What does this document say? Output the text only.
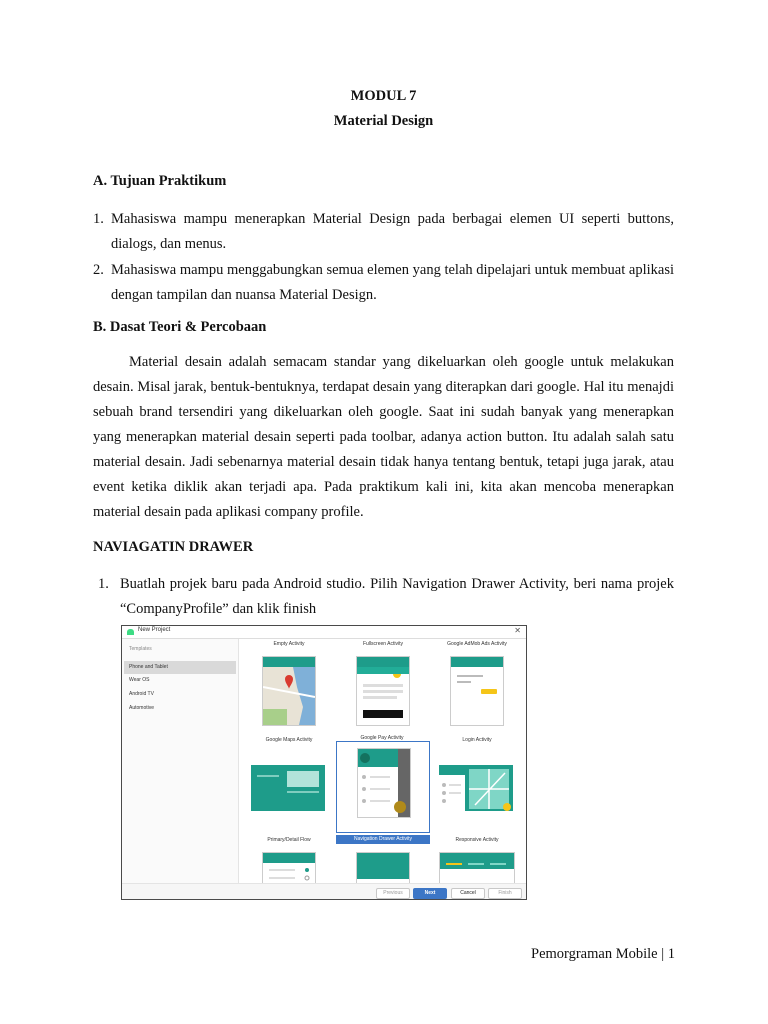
MODUL 7
Material Design
A. Tujuan Praktikum
1. Mahasiswa mampu menerapkan Material Design pada berbagai elemen UI seperti buttons, dialogs, dan menus.
2. Mahasiswa mampu menggabungkan semua elemen yang telah dipelajari untuk membuat aplikasi dengan tampilan dan nuansa Material Design.
B. Dasat Teori & Percobaan

Material desain adalah semacam standar yang dikeluarkan oleh google untuk melakukan desain. Misal jarak, bentuk-bentuknya, terdapat desain yang diterapkan dari google. Hal itu menajdi sebuah brand tersendiri yang dikeluarkan oleh google. Saat ini sudah banyak yang menerapkan yang menerapkan material desain seperti pada toolbar, adanya action button. Itu adalah salah satu material desain. Jadi sebenarnya material desain tidak hanya tentang bentuk, tetapi juga jarak, atau event ketika diklik akan terjadi apa. Pada praktikum kali ini, kita akan mencoba menerapkan material desain pada aplikasi company profile.

NAVIAGATIN DRAWER
1. Buatlah projek baru pada Android studio. Pilih Navigation Drawer Activity, beri nama projek “CompanyProfile” dan klik finish
New Project	✕
Templates
Phone and Tablet
Wear OS
Android TV
Automotive
Empty Activity	Fullscreen Activity
G Pay
Google AdMob Ads Activity
Google Maps Activity	Google Pay Activity	Login Activity
Primary/Detail Flow	Navigation Drawer Activity	Responsive Activity
Previous	Next	Cancel	Finish
Pemorgraman Mobile | 1
